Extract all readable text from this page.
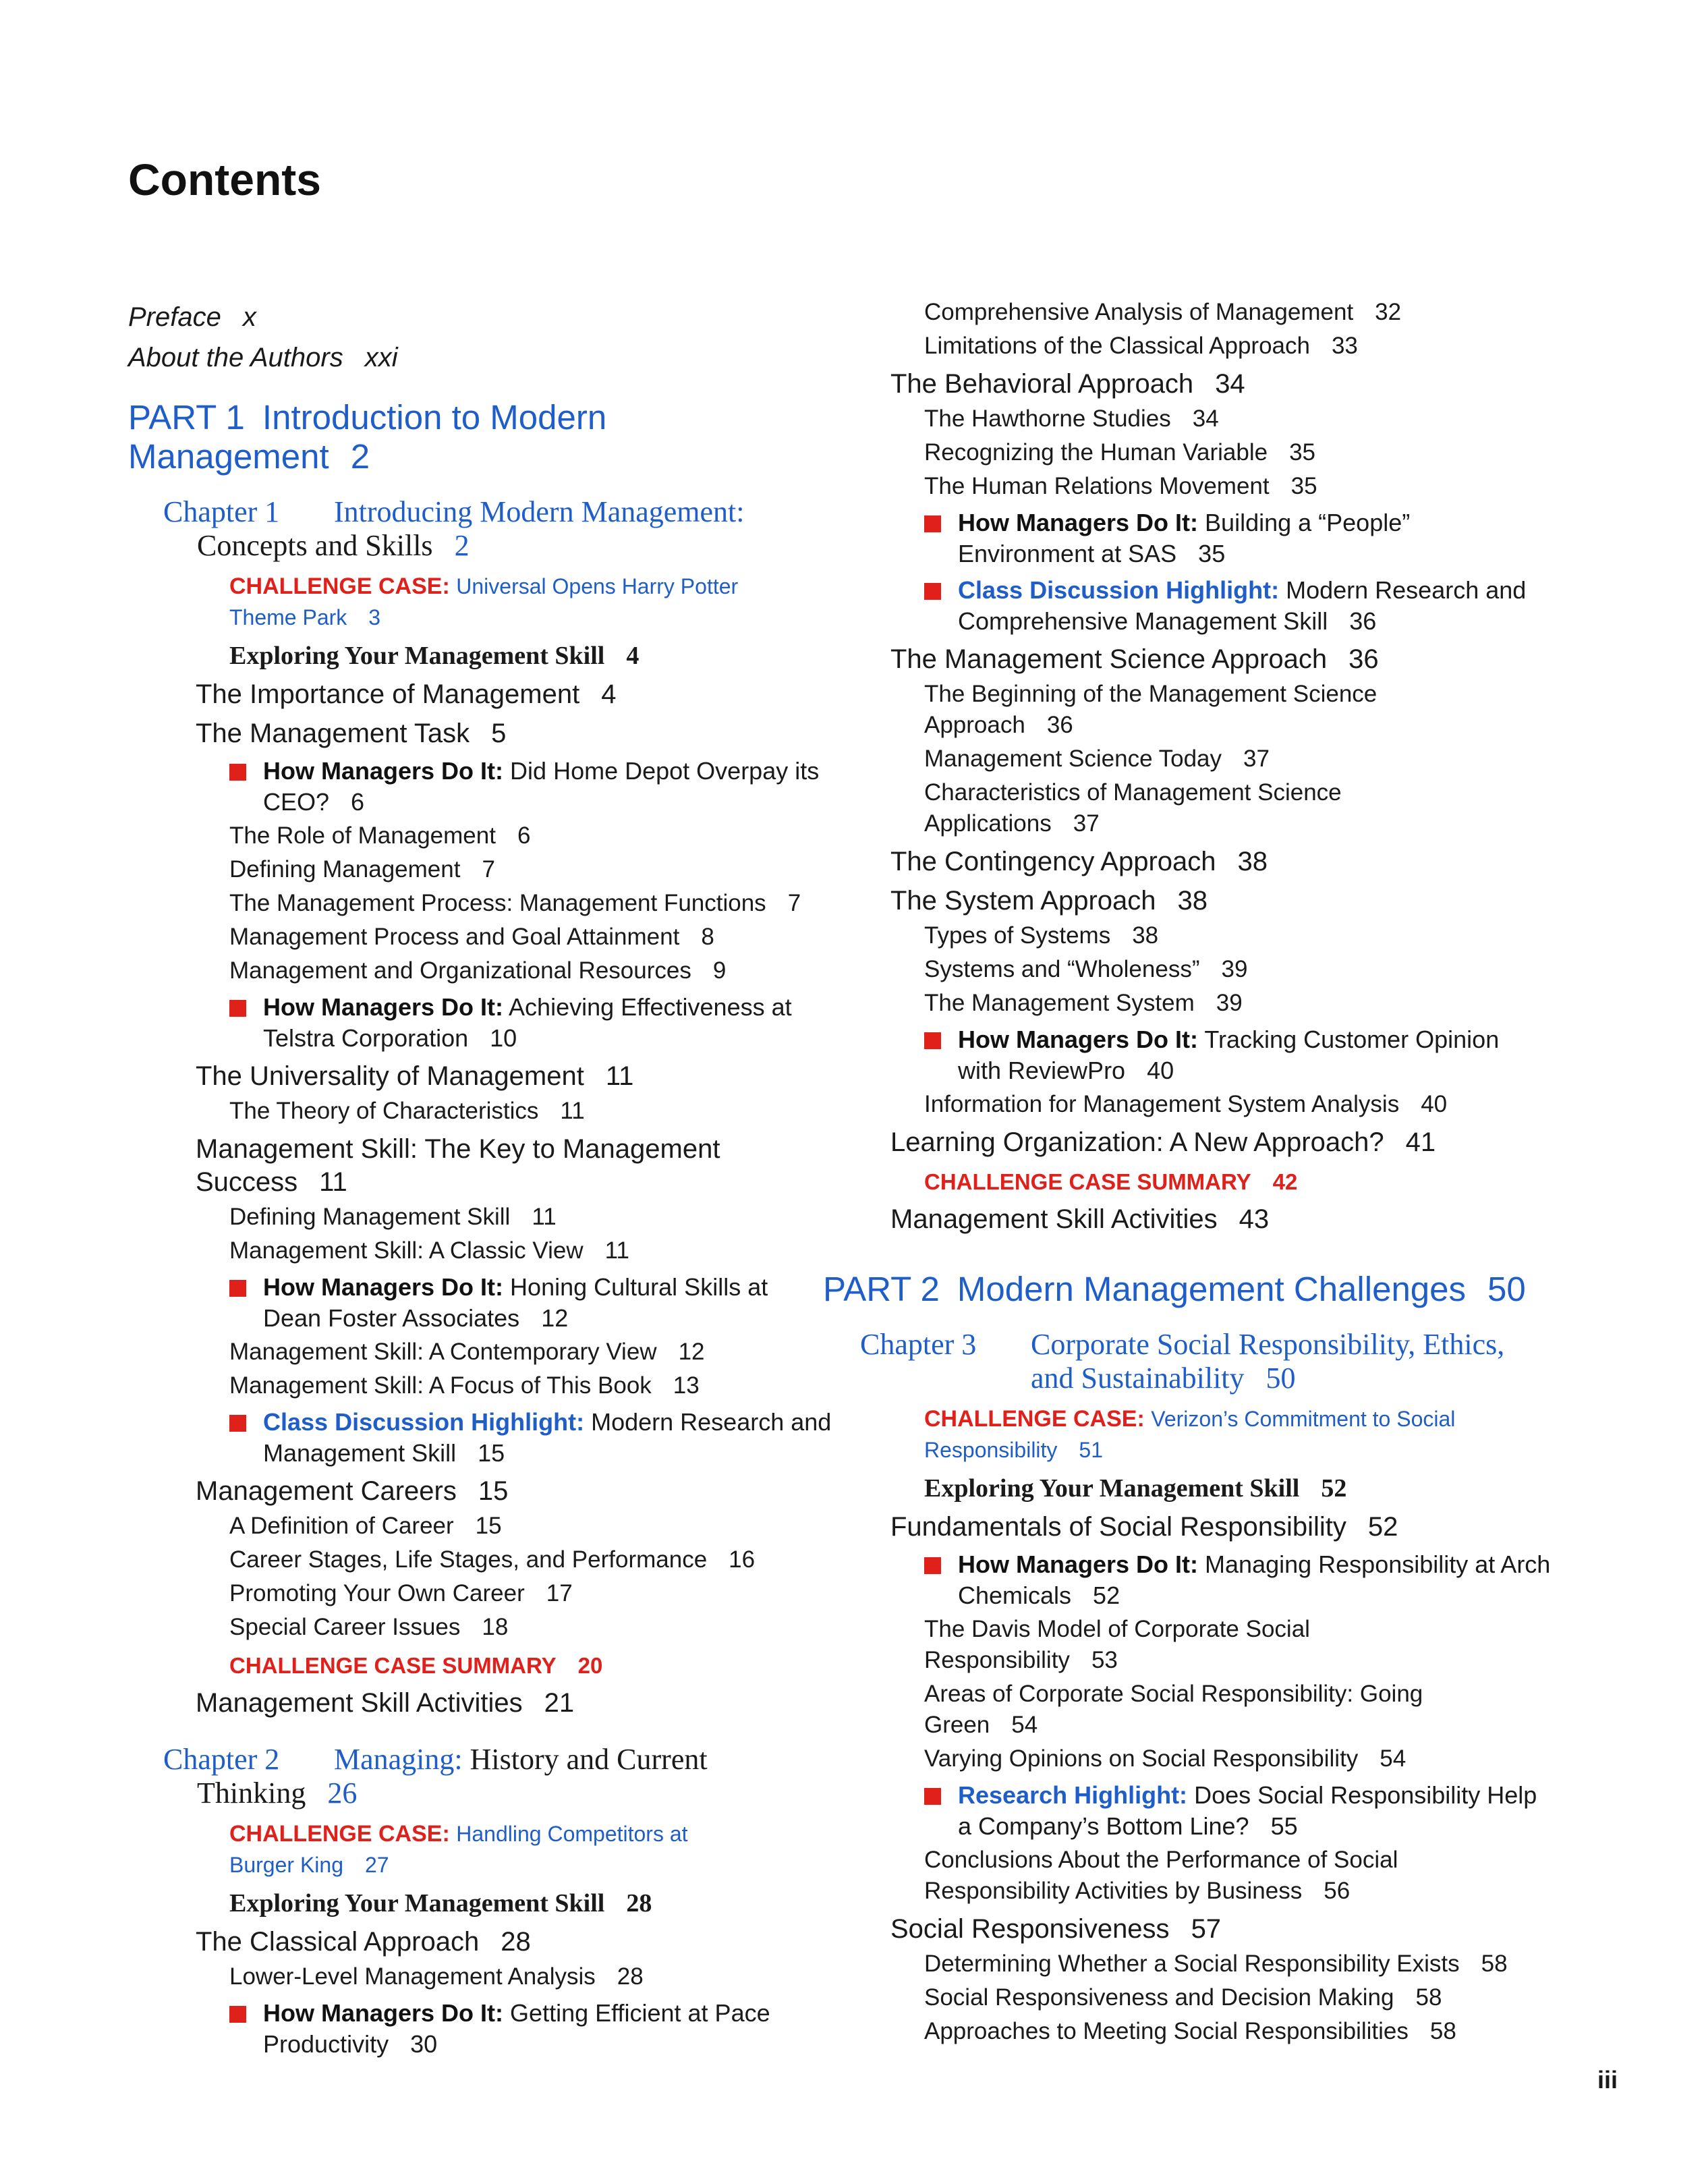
Contents
Preface x
About the Authors xxi
PART 1 Introduction to Modern
Management 2
Chapter 1 Introducing Modern Management:
Concepts and Skills 2
CHALLENGE CASE: Universal Opens Harry Potter
Theme Park 3
Exploring Your Management Skill 4
The Importance of Management 4
The Management Task 5
How Managers Do It: Did Home Depot Overpay its
CEO? 6
The Role of Management 6
Defining Management 7
The Management Process: Management Functions 7
Management Process and Goal Attainment 8
Management and Organizational Resources 9
How Managers Do It: Achieving Effectiveness at
Telstra Corporation 10
The Universality of Management 11
The Theory of Characteristics 11
Management Skill: The Key to Management
Success 11
Defining Management Skill 11
Management Skill: A Classic View 11
How Managers Do It: Honing Cultural Skills at
Dean Foster Associates 12
Management Skill: A Contemporary View 12
Management Skill: A Focus of This Book 13
Class Discussion Highlight: Modern Research and
Management Skill 15
Management Careers 15
A Definition of Career 15
Career Stages, Life Stages, and Performance 16
Promoting Your Own Career 17
Special Career Issues 18
CHALLENGE CASE SUMMARY 20
Management Skill Activities 21
Chapter 2 Managing: History and Current
Thinking 26
CHALLENGE CASE: Handling Competitors at
Burger King 27
Exploring Your Management Skill 28
The Classical Approach 28
Lower-Level Management Analysis 28
How Managers Do It: Getting Efficient at Pace
Productivity 30
Comprehensive Analysis of Management 32
Limitations of the Classical Approach 33
The Behavioral Approach 34
The Hawthorne Studies 34
Recognizing the Human Variable 35
The Human Relations Movement 35
How Managers Do It: Building a “People”
Environment at SAS 35
Class Discussion Highlight: Modern Research and
Comprehensive Management Skill 36
The Management Science Approach 36
The Beginning of the Management Science
Approach 36
Management Science Today 37
Characteristics of Management Science
Applications 37
The Contingency Approach 38
The System Approach 38
Types of Systems 38
Systems and “Wholeness” 39
The Management System 39
How Managers Do It: Tracking Customer Opinion
with ReviewPro 40
Information for Management System Analysis 40
Learning Organization: A New Approach? 41
CHALLENGE CASE SUMMARY 42
Management Skill Activities 43
PART 2 Modern Management Challenges 50
Chapter 3 Corporate Social Responsibility, Ethics,
and Sustainability 50
CHALLENGE CASE: Verizon’s Commitment to Social
Responsibility 51
Exploring Your Management Skill 52
Fundamentals of Social Responsibility 52
How Managers Do It: Managing Responsibility at Arch
Chemicals 52
The Davis Model of Corporate Social
Responsibility 53
Areas of Corporate Social Responsibility: Going
Green 54
Varying Opinions on Social Responsibility 54
Research Highlight: Does Social Responsibility Help
a Company’s Bottom Line? 55
Conclusions About the Performance of Social
Responsibility Activities by Business 56
Social Responsiveness 57
Determining Whether a Social Responsibility Exists 58
Social Responsiveness and Decision Making 58
Approaches to Meeting Social Responsibilities 58
iii
